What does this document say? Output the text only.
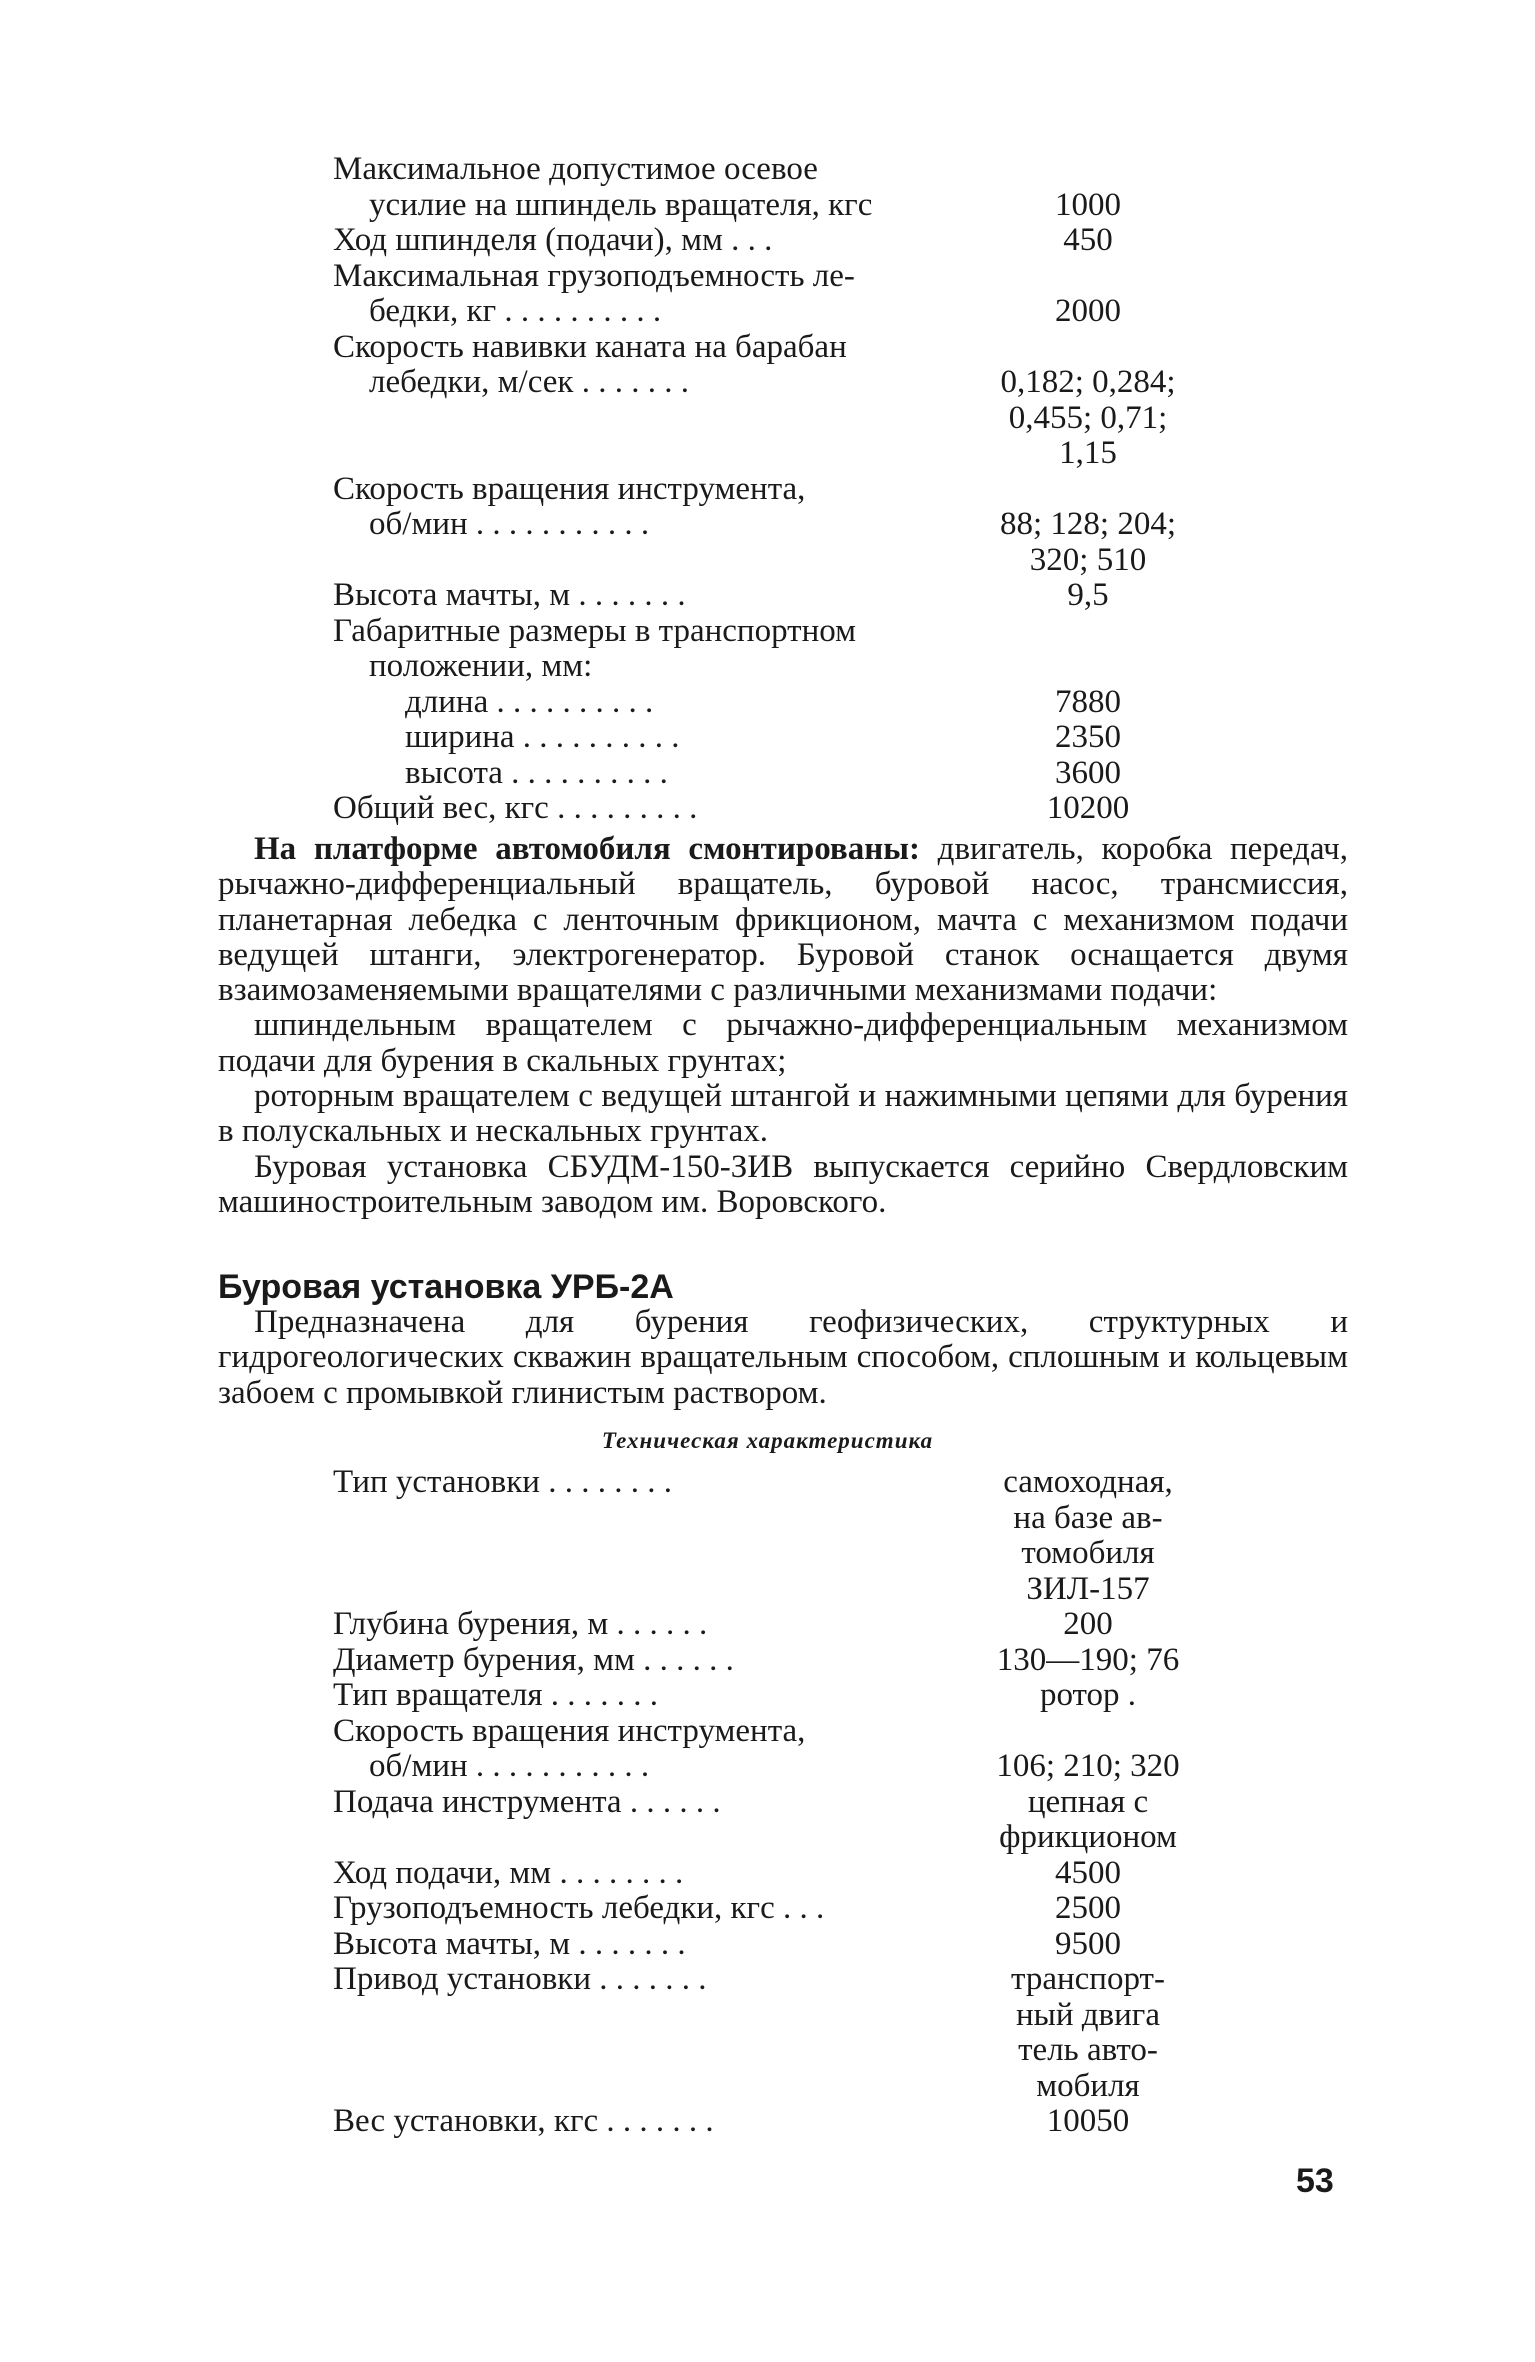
Максимальное допустимое осевое
усилие на шпиндель вращателя, кгс
	1000
Ход шпинделя (подачи), мм . . .	450
Максимальная грузоподъемность ле-
бедки, кг . . . . . . . . . .
	2000
Скорость навивки каната на барабан
лебедки, м/сек . . . . . . .
	0,182; 0,284;
0,455; 0,71;
1,15
Скорость вращения инструмента,
об/мин . . . . . . . . . . .
	88; 128; 204;
320; 510
Высота мачты, м . . . . . . .	9,5
Габаритные размеры в транспортном
положении, мм:

длина . . . . . . . . . .	7880
ширина . . . . . . . . . .	2350
высота . . . . . . . . . .	3600
Общий вес, кгс . . . . . . . . .	10200

На платформе автомобиля смонтированы: двигатель, коробка передач, рычажно-дифференциальный вращатель, буровой насос, трансмиссия, планетарная лебедка с ленточным фрикционом, мачта с механизмом подачи ведущей штанги, электрогенератор. Буровой станок оснащается двумя взаимозаменяемыми вращателями с различными механизмами подачи:

шпиндельным вращателем с рычажно-дифференциальным механизмом подачи для бурения в скальных грунтах;

роторным вращателем с ведущей штангой и нажимными цепями для бурения в полускальных и нескальных грунтах.

Буровая установка СБУДМ-150-ЗИВ выпускается серийно Свердловским машиностроительным заводом им. Воровского.

Буровая установка УРБ-2А

Предназначена для бурения геофизических, структурных и гидрогеологических скважин вращательным способом, сплошным и кольцевым забоем с промывкой глинистым раствором.

Техническая характеристика
Тип установки . . . . . . . .	самоходная,
на базе ав-
томобиля
ЗИЛ-157
Глубина бурения, м . . . . . .	200
Диаметр бурения, мм . . . . . .	130—190; 76
Тип вращателя . . . . . . .	ротор .
Скорость вращения инструмента,
об/мин . . . . . . . . . . .
	106; 210; 320
Подача инструмента . . . . . .	цепная с
фрикционом
Ход подачи, мм . . . . . . . .	4500
Грузоподъемность лебедки, кгс . . .	2500
Высота мачты, м . . . . . . .	9500
Привод установки . . . . . . .	транспорт-
ный двига
тель авто-
мобиля
Вес установки, кгс . . . . . . .	10050
53
